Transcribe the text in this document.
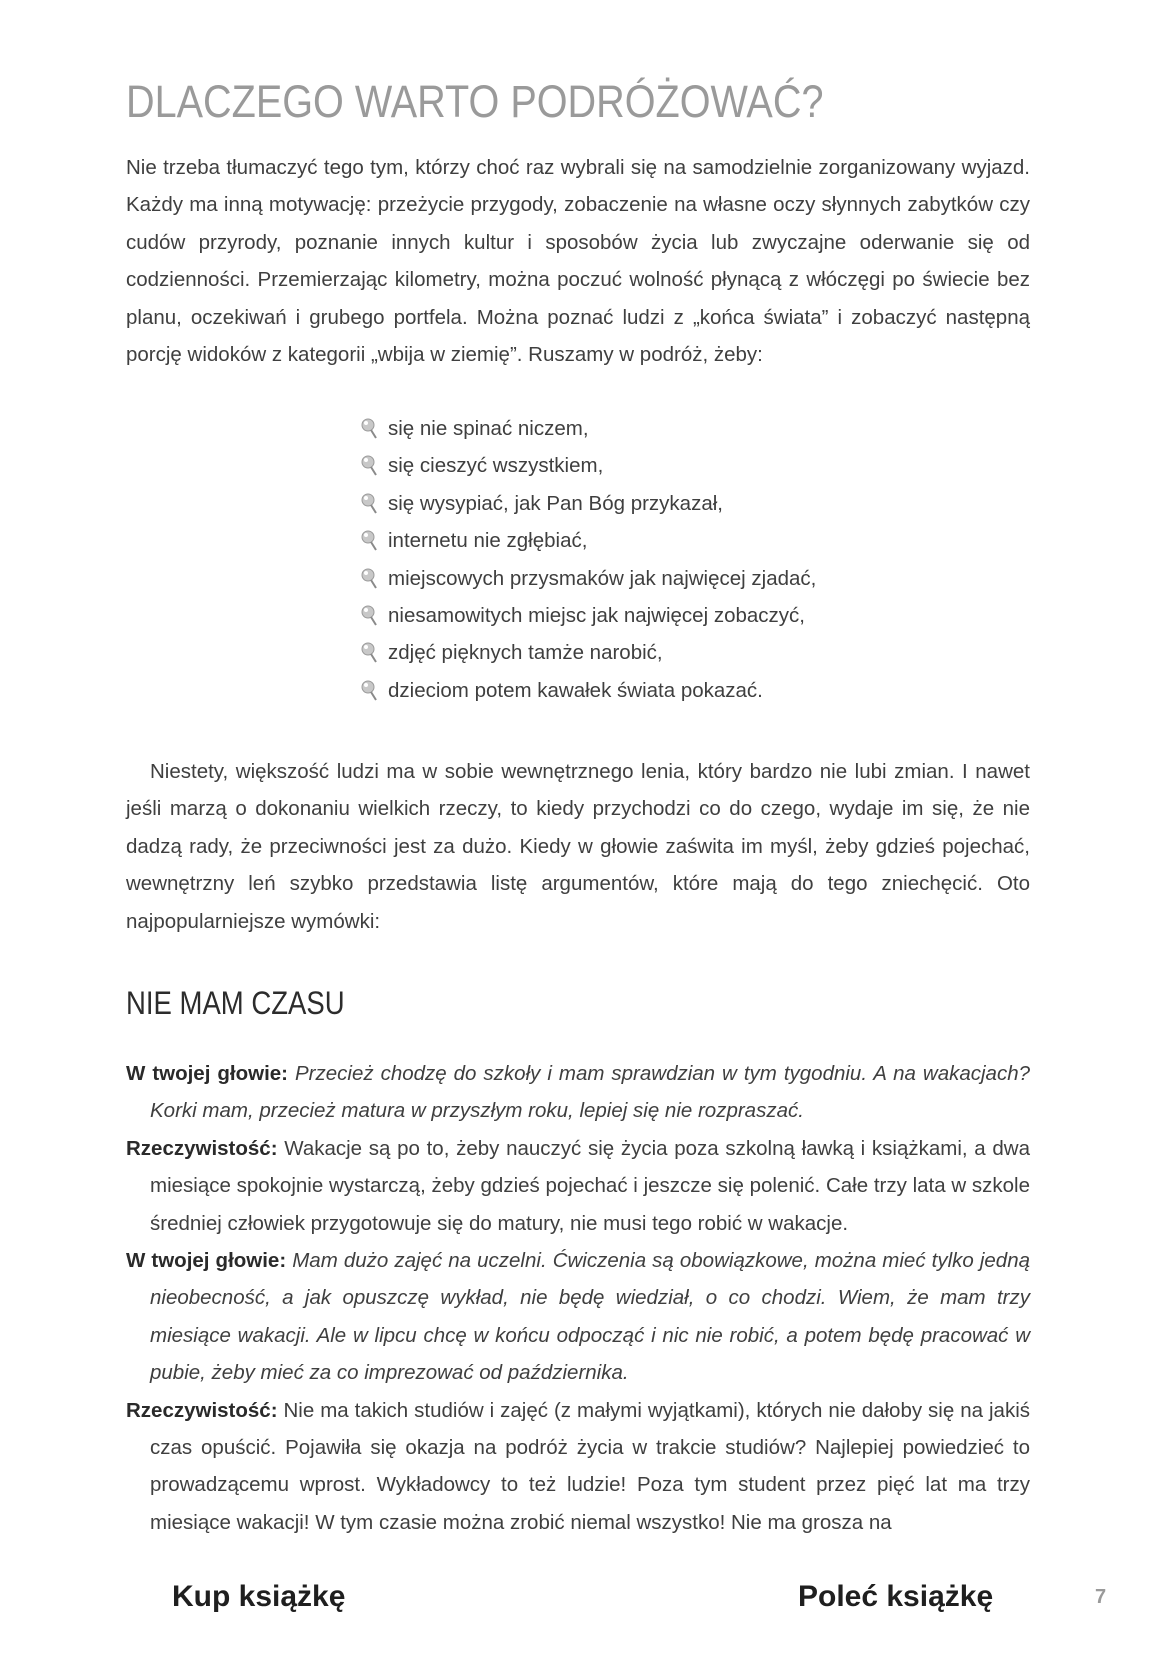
DLACZEGO WARTO PODRÓŻOWAĆ?

Nie trzeba tłumaczyć tego tym, którzy choć raz wybrali się na samodzielnie zorganizowany wyjazd. Każdy ma inną motywację: przeżycie przygody, zobaczenie na własne oczy słynnych zabytków czy cudów przyrody, poznanie innych kultur i sposobów życia lub zwyczajne oderwanie się od codzienności. Przemierzając kilometry, można poczuć wolność płynącą z włóczęgi po świecie bez planu, oczekiwań i grubego portfela. Można poznać ludzi z „końca świata” i zobaczyć następną porcję widoków z kategorii „wbija w ziemię”. Ruszamy w podróż, żeby:

się nie spinać niczem,
się cieszyć wszystkiem,
się wysypiać, jak Pan Bóg przykazał,
internetu nie zgłębiać,
miejscowych przysmaków jak najwięcej zjadać,
niesamowitych miejsc jak najwięcej zobaczyć,
zdjęć pięknych tamże narobić,
dzieciom potem kawałek świata pokazać.

Niestety, większość ludzi ma w sobie wewnętrznego lenia, który bardzo nie lubi zmian. I nawet jeśli marzą o dokonaniu wielkich rzeczy, to kiedy przychodzi co do czego, wydaje im się, że nie dadzą rady, że przeciwności jest za dużo. Kiedy w głowie zaświta im myśl, żeby gdzieś pojechać, wewnętrzny leń szybko przedstawia listę argumentów, które mają do tego zniechęcić. Oto najpopularniejsze wymówki:

NIE MAM CZASU

W twojej głowie: Przecież chodzę do szkoły i mam sprawdzian w tym tygodniu. A na wakacjach? Korki mam, przecież matura w przyszłym roku, lepiej się nie rozpraszać.

Rzeczywistość: Wakacje są po to, żeby nauczyć się życia poza szkolną ławką i książkami, a dwa miesiące spokojnie wystarczą, żeby gdzieś pojechać i jeszcze się polenić. Całe trzy lata w szkole średniej człowiek przygotowuje się do matury, nie musi tego robić w wakacje.

W twojej głowie: Mam dużo zajęć na uczelni. Ćwiczenia są obowiązkowe, można mieć tylko jedną nieobecność, a jak opuszczę wykład, nie będę wiedział, o co chodzi. Wiem, że mam trzy miesiące wakacji. Ale w lipcu chcę w końcu odpocząć i nic nie robić, a potem będę pracować w pubie, żeby mieć za co imprezować od października.

Rzeczywistość: Nie ma takich studiów i zajęć (z małymi wyjątkami), których nie dałoby się na jakiś czas opuścić. Pojawiła się okazja na podróż życia w trakcie studiów? Najlepiej powiedzieć to prowadzącemu wprost. Wykładowcy to też ludzie! Poza tym student przez pięć lat ma trzy miesiące wakacji! W tym czasie można zrobić niemal wszystko! Nie ma grosza na

Kup książkę	Poleć książkę	7
